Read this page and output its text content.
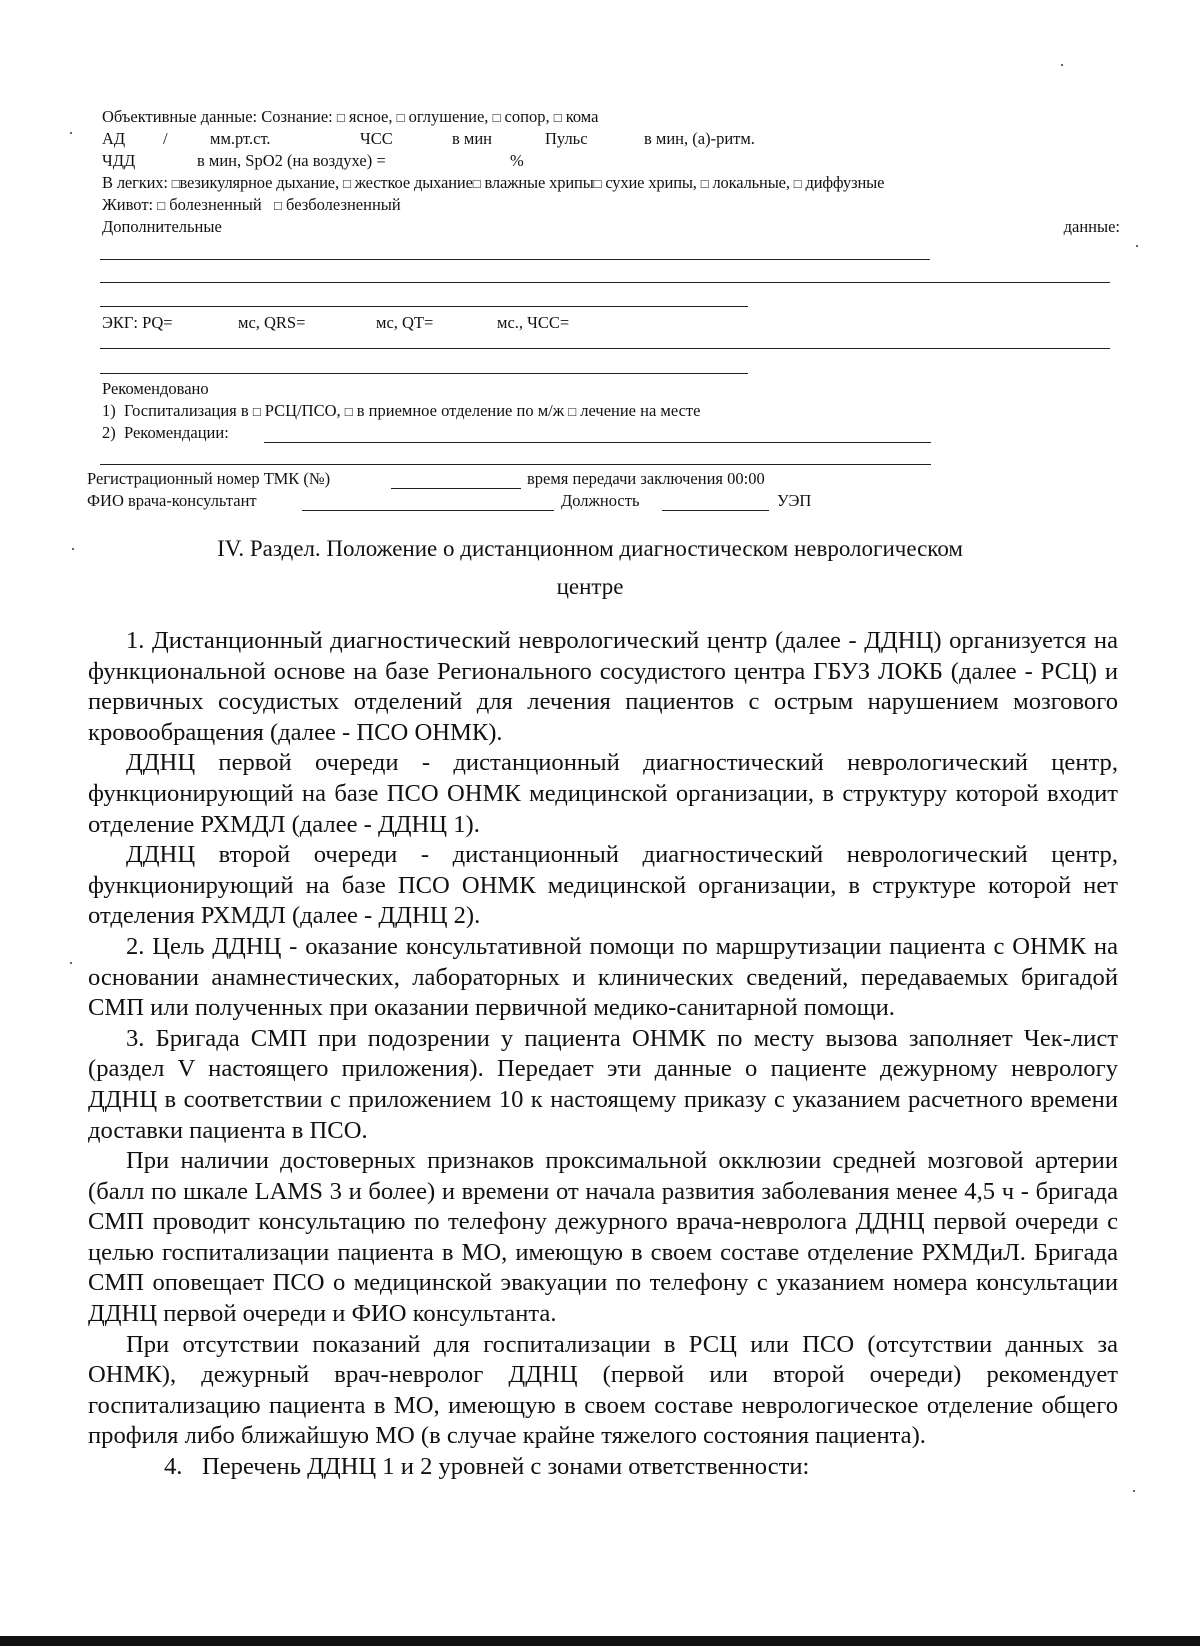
Объективные данные: Сознание: □ ясное, □ оглушение, □ сопор, □ кома
АД /	мм.рт.ст.	ЧСС	в мин	Пульс	в мин, (а)-ритм.
ЧДД	в мин, SpO2 (на воздухе) =	%
В легких: □везикулярное дыхание, □ жесткое дыхание□ влажные хрипы□ сухие хрипы, □ локальные, □ диффузные
Живот: □ болезненный □ безболезненный
Дополнительные	данные:
ЭКГ: PQ=	мс, QRS=	мс, QT=	мс., ЧСС=
Рекомендовано
1) Госпитализация в □ РСЦ/ПСО, □ в приемное отделение по м/ж □ лечение на месте
2) Рекомендации:
Регистрационный номер ТМК (№)	время передачи заключения 00:00
ФИО врача-консультант	Должность	УЭП
IV. Раздел. Положение о дистанционном диагностическом неврологическом
центре

1. Дистанционный диагностический неврологический центр (далее - ДДНЦ) организуется на функциональной основе на базе Регионального сосудистого центра ГБУЗ ЛОКБ (далее - РСЦ) и первичных сосудистых отделений для лечения пациентов с острым нарушением мозгового кровообращения (далее - ПСО ОНМК).

ДДНЦ первой очереди - дистанционный диагностический неврологический центр, функционирующий на базе ПСО ОНМК медицинской организации, в структуру которой входит отделение РХМДЛ (далее - ДДНЦ 1).

ДДНЦ второй очереди - дистанционный диагностический неврологический центр, функционирующий на базе ПСО ОНМК медицинской организации, в структуре которой нет отделения РХМДЛ (далее - ДДНЦ 2).

2. Цель ДДНЦ - оказание консультативной помощи по маршрутизации пациента с ОНМК на основании анамнестических, лабораторных и клинических сведений, передаваемых бригадой СМП или полученных при оказании первичной медико-санитарной помощи.

3. Бригада СМП при подозрении у пациента ОНМК по месту вызова заполняет Чек-лист (раздел V настоящего приложения). Передает эти данные о пациенте дежурному неврологу ДДНЦ в соответствии с приложением 10 к настоящему приказу с указанием расчетного времени доставки пациента в ПСО.

При наличии достоверных признаков проксимальной окклюзии средней мозговой артерии (балл по шкале LAMS 3 и более) и времени от начала развития заболевания менее 4,5 ч - бригада СМП проводит консультацию по телефону дежурного врача-невролога ДДНЦ первой очереди с целью госпитализации пациента в МО, имеющую в своем составе отделение РХМДиЛ. Бригада СМП оповещает ПСО о медицинской эвакуации по телефону с указанием номера консультации ДДНЦ первой очереди и ФИО консультанта.

При отсутствии показаний для госпитализации в РСЦ или ПСО (отсутствии данных за ОНМК), дежурный врач-невролог ДДНЦ (первой или второй очереди) рекомендует госпитализацию пациента в МО, имеющую в своем составе неврологическое отделение общего профиля либо ближайшую МО (в случае крайне тяжелого состояния пациента).

4. Перечень ДДНЦ 1 и 2 уровней с зонами ответственности:
